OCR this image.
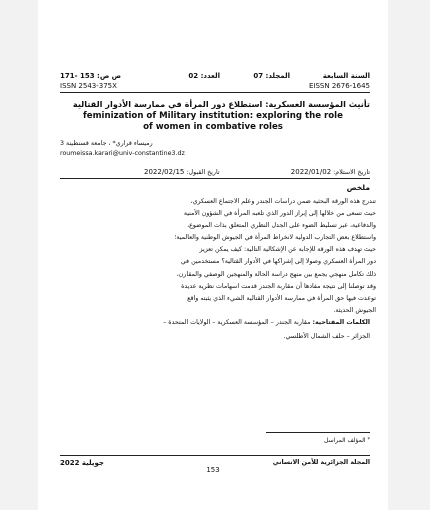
السنة السابعة
المجلد: 07
العدد: 02
ص ص: 153 -171
ISSN 2543-375X	EISSN 2676-1645
تأنيث المؤسسة العسكرية: استطلاع دور المرأة في ممارسة الأدوار القتالية
feminization of Military institution: exploring the role
of women in combative roles
رميساء قراري* ، جامعة قسنطينة 3
roumeissa.karari@univ-constantine3.dz
تاريخ الاستلام: 2022/01/02
تاريخ القبول: 2022/02/15
ملخص

تندرج هذه الورقة البحثية ضمن دراسات الجندر وعلم الاجتماع العسكري،

حيث تسعى من خلالها إلى إبراز الدور الذي تلعبه المرأة في الشؤون الأمنية

والدفاعية، عبر تسليط الضوء على الجدل النظري المتعلق بذات الموضوع،

واستطلاع بعض التجارب الدولية لانخراط المرأة في الجيوش الوطنية والعالمية؛

حيث تهدف هذه الورقة للإجابة عن الإشكالية التالية: كيف يمكن تعزيز

دور المرأة العسكري وصولا إلى إشراكها في الأدوار القتالية؟ مستخدمين في

ذلك تكامل منهجي يجمع بين منهج دراسة الحالة والمنهجين الوصفي والمقارن،

وقد توصلنا إلى نتيجة مفادها أن مقاربة الجندر قدمت اسهامات نظرية عديدة

توعدت فيها حق المرأة في ممارسة الأدوار القتالية الشيء الذي يثبته واقع

الجيوش الحديثة.

الكلمات المفتاحية: مقاربة الجندر – المؤسسة العسكرية – الولايات المتحدة –
الجزائر – حلف الشمال الأطلسي.
* المؤلف المراسل
المجلة الجزائرية للأمن الانساني
جويلية 2022
153
